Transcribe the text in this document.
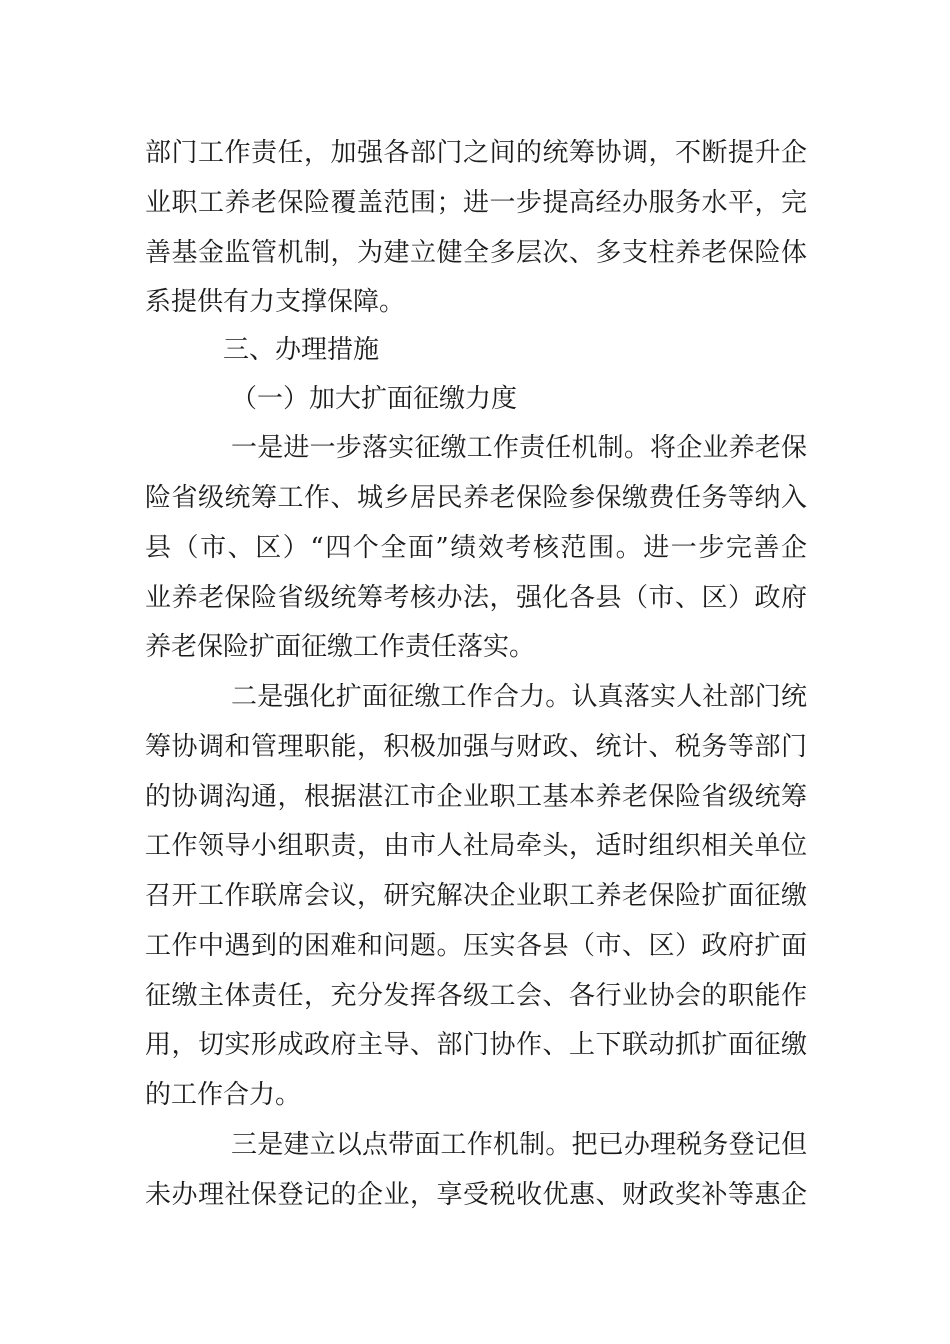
部门工作责任，加强各部门之间的统筹协调，不断提升企
业职工养老保险覆盖范围；进一步提高经办服务水平，完
善基金监管机制，为建立健全多层次、多支柱养老保险体
系提供有力支撑保障。
三、办理措施
（一）加大扩面征缴力度
一是进一步落实征缴工作责任机制。将企业养老保
险省级统筹工作、城乡居民养老保险参保缴费任务等纳入
县（市、区）“四个全面”绩效考核范围。进一步完善企
业养老保险省级统筹考核办法，强化各县（市、区）政府
养老保险扩面征缴工作责任落实。
二是强化扩面征缴工作合力。认真落实人社部门统
筹协调和管理职能，积极加强与财政、统计、税务等部门
的协调沟通，根据湛江市企业职工基本养老保险省级统筹
工作领导小组职责，由市人社局牵头，适时组织相关单位
召开工作联席会议，研究解决企业职工养老保险扩面征缴
工作中遇到的困难和问题。压实各县（市、区）政府扩面
征缴主体责任，充分发挥各级工会、各行业协会的职能作
用，切实形成政府主导、部门协作、上下联动抓扩面征缴
的工作合力。
三是建立以点带面工作机制。把已办理税务登记但
未办理社保登记的企业，享受税收优惠、财政奖补等惠企
